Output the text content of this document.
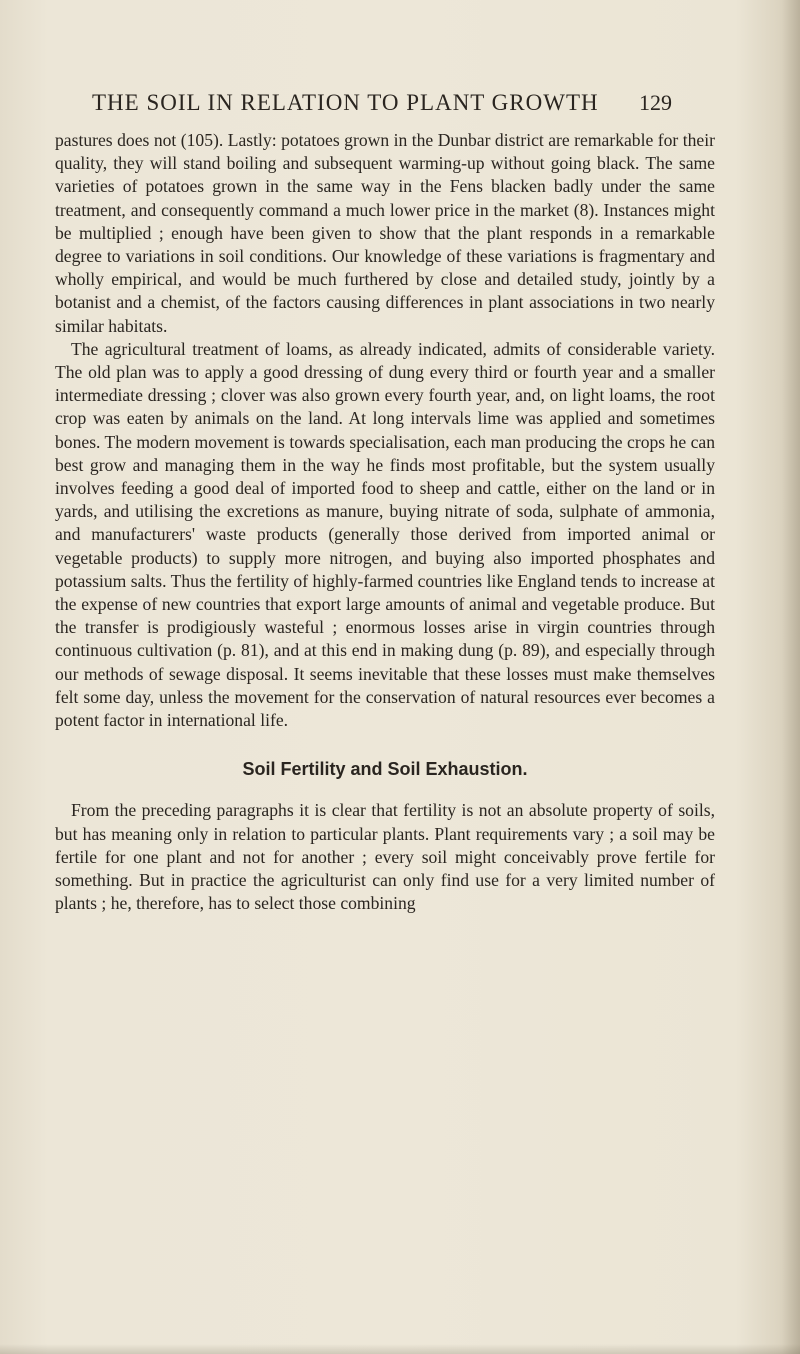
THE SOIL IN RELATION TO PLANT GROWTH 129

pastures does not (105). Lastly: potatoes grown in the Dunbar district are remarkable for their quality, they will stand boiling and subsequent warming-up without going black. The same varieties of potatoes grown in the same way in the Fens blacken badly under the same treatment, and consequently command a much lower price in the market (8). Instances might be multiplied ; enough have been given to show that the plant responds in a remarkable degree to variations in soil conditions. Our knowledge of these variations is fragmentary and wholly empirical, and would be much furthered by close and detailed study, jointly by a botanist and a chemist, of the factors causing differences in plant associations in two nearly similar habitats.

The agricultural treatment of loams, as already indicated, admits of considerable variety. The old plan was to apply a good dressing of dung every third or fourth year and a smaller intermediate dressing ; clover was also grown every fourth year, and, on light loams, the root crop was eaten by animals on the land. At long intervals lime was applied and sometimes bones. The modern movement is towards specialisation, each man producing the crops he can best grow and managing them in the way he finds most profitable, but the system usually involves feeding a good deal of imported food to sheep and cattle, either on the land or in yards, and utilising the excretions as manure, buying nitrate of soda, sulphate of ammonia, and manufacturers' waste products (generally those derived from imported animal or vegetable products) to supply more nitrogen, and buying also imported phosphates and potassium salts. Thus the fertility of highly-farmed countries like England tends to increase at the expense of new countries that export large amounts of animal and vegetable produce. But the transfer is prodigiously wasteful ; enormous losses arise in virgin countries through continuous cultivation (p. 81), and at this end in making dung (p. 89), and especially through our methods of sewage disposal. It seems inevitable that these losses must make themselves felt some day, unless the movement for the conservation of natural resources ever becomes a potent factor in international life.

Soil Fertility and Soil Exhaustion.

From the preceding paragraphs it is clear that fertility is not an absolute property of soils, but has meaning only in relation to particular plants. Plant requirements vary ; a soil may be fertile for one plant and not for another ; every soil might conceivably prove fertile for something. But in practice the agriculturist can only find use for a very limited number of plants ; he, therefore, has to select those combining
